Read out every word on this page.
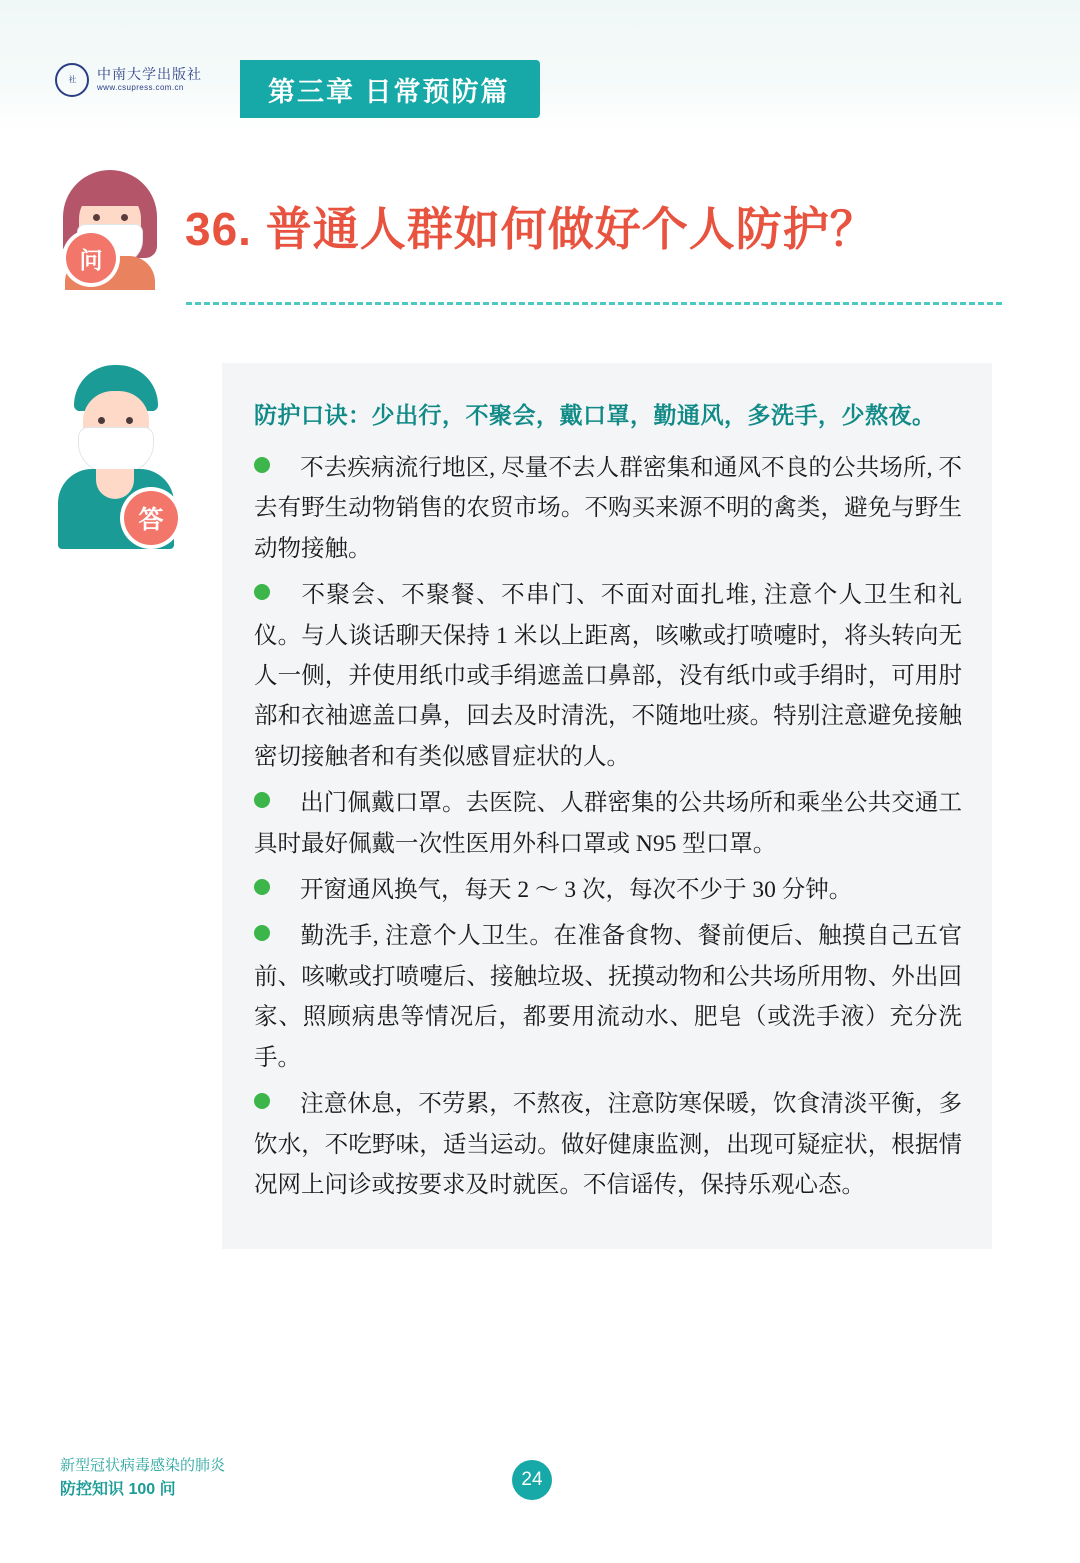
社	中南大学出版社
www.csupress.com.cn	第三章 日常预防篇
问
36. 普通人群如何做好个人防护？
答

防护口诀：少出行，不聚会，戴口罩，勤通风，多洗手，少熬夜。

不去疾病流行地区, 尽量不去人群密集和通风不良的公共场所, 不去有野生动物销售的农贸市场。不购买来源不明的禽类，避免与野生动物接触。

不聚会、不聚餐、不串门、不面对面扎堆, 注意个人卫生和礼仪。与人谈话聊天保持 1 米以上距离，咳嗽或打喷嚏时，将头转向无人一侧，并使用纸巾或手绢遮盖口鼻部，没有纸巾或手绢时，可用肘部和衣袖遮盖口鼻，回去及时清洗，不随地吐痰。特别注意避免接触密切接触者和有类似感冒症状的人。

出门佩戴口罩。去医院、人群密集的公共场所和乘坐公共交通工具时最好佩戴一次性医用外科口罩或 N95 型口罩。

开窗通风换气，每天 2 ～ 3 次，每次不少于 30 分钟。

勤洗手, 注意个人卫生。在准备食物、餐前便后、触摸自己五官前、咳嗽或打喷嚏后、接触垃圾、抚摸动物和公共场所用物、外出回家、照顾病患等情况后，都要用流动水、肥皂（或洗手液）充分洗手。

注意休息，不劳累，不熬夜，注意防寒保暖，饮食清淡平衡，多饮水，不吃野味，适当运动。做好健康监测，出现可疑症状，根据情况网上问诊或按要求及时就医。不信谣传，保持乐观心态。

新型冠状病毒感染的肺炎
防控知识 100 问	24
